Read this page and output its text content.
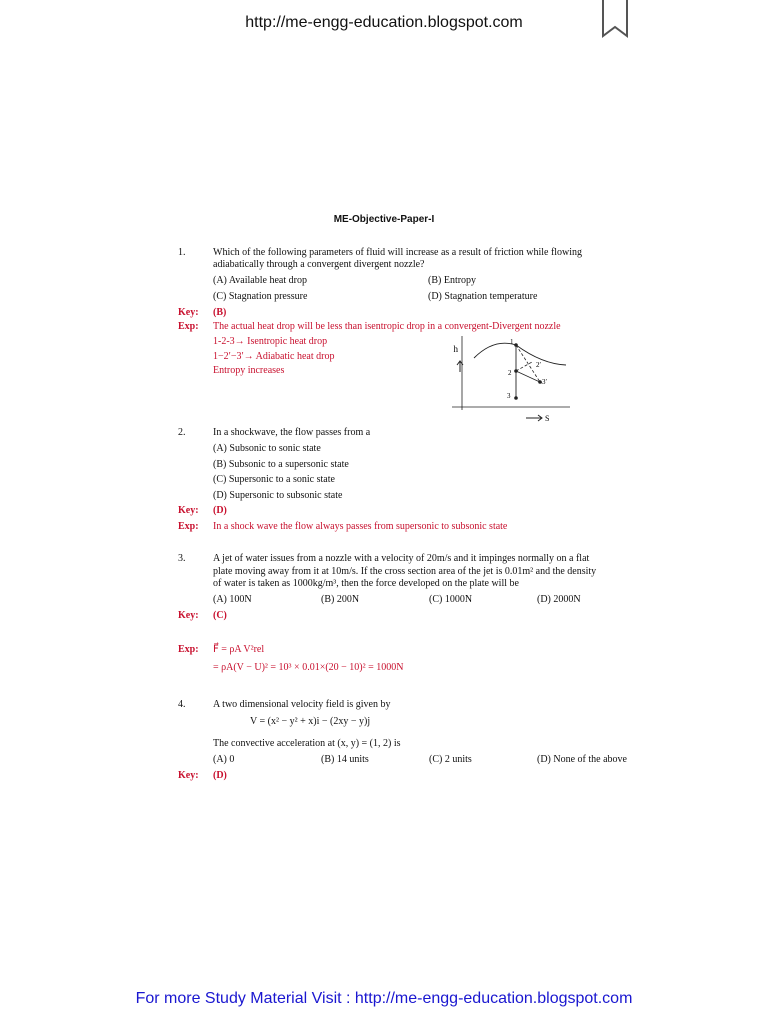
http://me-engg-education.blogspot.com
ME-Objective-Paper-I
1.	Which of the following parameters of fluid will increase as a result of friction while flowing
adiabatically through a convergent divergent nozzle?
(A) Available heat drop	(B) Entropy
(C) Stagnation pressure	(D) Stagnation temperature
Key: (B)
Exp: The actual heat drop will be less than isentropic drop in a convergent-Divergent nozzle
1-2-3→ Isentropic heat drop
1−2′−3′→ Adiabatic heat drop
Entropy increases
h
1
2
3
2′
3′
S
2.	In a shockwave, the flow passes from a
(A) Subsonic to sonic state
(B) Subsonic to a supersonic state
(C) Supersonic to a sonic state
(D) Supersonic to subsonic state
Key: (D)
Exp: In a shock wave the flow always passes from supersonic to subsonic state
3.	A jet of water issues from a nozzle with a velocity of 20m/s and it impinges normally on a flat
plate moving away from it at 10m/s. If the cross section area of the jet is 0.01m² and the density
of water is taken as 1000kg/m³, then the force developed on the plate will be
(A) 100N	(B) 200N	(C) 1000N	(D) 2000N
Key: (C)
Exp: F⃗ = ρA V²rel
= ρA(V − U)² = 10³ × 0.01×(20 − 10)² = 1000N
4.	A two dimensional velocity field is given by
V = (x² − y² + x)i − (2xy − y)j
The convective acceleration at (x, y) = (1, 2) is
(A) 0	(B) 14 units	(C) 2 units	(D) None of the above
Key: (D)
For more Study Material Visit : http://me-engg-education.blogspot.com
